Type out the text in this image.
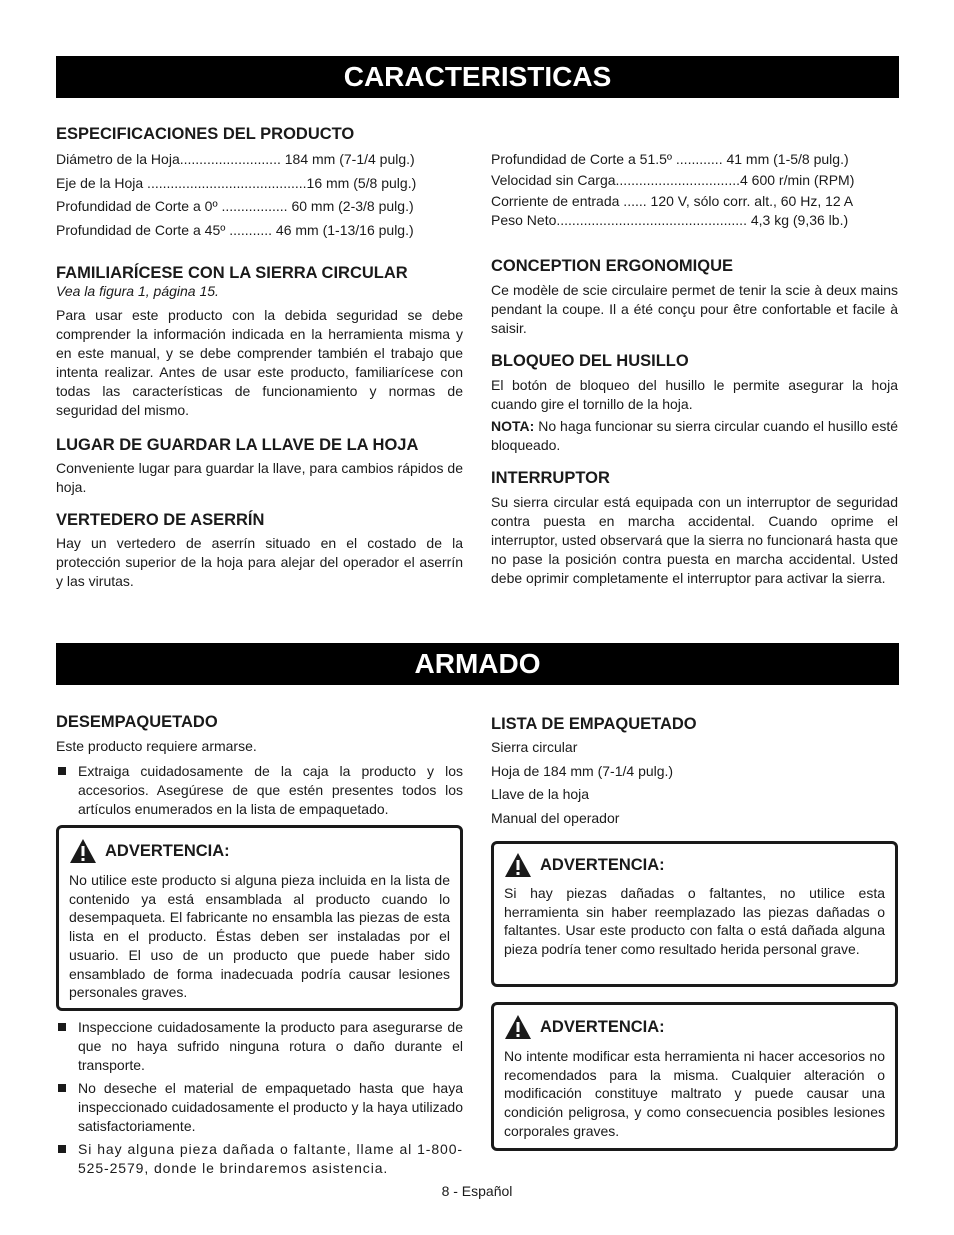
CARACTERISTICAS

ESPECIFICACIONES DEL PRODUCTO

Diámetro de la Hoja.......................... 184 mm (7-1/4 pulg.)

Eje de la Hoja .........................................16 mm (5/8 pulg.)

Profundidad de Corte a 0º ................. 60 mm (2-3/8 pulg.)

Profundidad de Corte a 45º ........... 46 mm (1-13/16 pulg.)

FAMILIARÍCESE CON LA SIERRA CIRCULAR

Vea la figura 1, página 15.

Para usar este producto con la debida seguridad se debe comprender la información indicada en la herramienta misma y en este manual, y se debe comprender también el trabajo que intenta realizar. Antes de usar este producto, familiarícese con todas las características de funcionamiento y normas de seguridad del mismo.

LUGAR DE GUARDAR LA LLAVE DE LA HOJA

Conveniente lugar para guardar la llave, para cambios rápidos de hoja.

VERTEDERO DE ASERRÍN

Hay un vertedero de aserrín situado en el costado de la protección superior de la hoja para alejar del operador el aserrín y las virutas.

Profundidad de Corte a 51.5º ............ 41 mm (1-5/8 pulg.)

Velocidad sin Carga................................4 600 r/min (RPM)

Corriente de entrada ...... 120 V, sólo corr. alt., 60 Hz, 12 A

Peso Neto................................................. 4,3 kg (9,36 lb.)

CONCEPTION ERGONOMIQUE

Ce modèle de scie circulaire permet de tenir la scie à deux mains pendant la coupe. Il a été conçu pour être confortable et facile à saisir.

BLOQUEO DEL HUSILLO

El botón de bloqueo del husillo le permite asegurar la hoja cuando gire el tornillo de la hoja.

NOTA: No haga funcionar su sierra circular cuando el husillo esté bloqueado.

INTERRUPTOR

Su sierra circular está equipada con un interruptor de seguridad contra puesta en marcha accidental. Cuando oprime el interruptor, usted observará que la sierra no funcionará hasta que no pase la posición contra puesta en marcha accidental. Usted debe oprimir completamente el interruptor para activar la sierra.

ARMADO

DESEMPAQUETADO

Este producto requiere armarse.

Extraiga cuidadosamente de la caja la producto y los accesorios. Asegúrese de que estén presentes todos los artículos enumerados en la lista de empaquetado.

ADVERTENCIA:

No utilice este producto si alguna pieza incluida en la lista de contenido ya está ensamblada al producto cuando lo desempaqueta. El fabricante no ensambla las piezas de esta lista en el producto. Éstas deben ser instaladas por el usuario. El uso de un producto que puede haber sido ensamblado de forma inadecuada podría causar lesiones personales graves.

Inspeccione cuidadosamente la producto para asegurarse de que no haya sufrido ninguna rotura o daño durante el transporte.

No deseche el material de empaquetado hasta que haya inspeccionado cuidadosamente el producto y la haya utilizado satisfactoriamente.

Si hay alguna pieza dañada o faltante, llame al 1-800-525-2579, donde le brindaremos asistencia.

LISTA DE EMPAQUETADO

Sierra circular

Hoja de 184 mm (7-1/4 pulg.)

Llave de la hoja

Manual del operador

ADVERTENCIA:

Si hay piezas dañadas o faltantes, no utilice esta herramienta sin haber reemplazado las piezas dañadas o faltantes. Usar este producto con falta o está dañada alguna pieza podría tener como resultado herida personal grave.

ADVERTENCIA:

No intente modificar esta herramienta ni hacer accesorios no recomendados para la misma. Cualquier alteración o modificación constituye maltrato y puede causar una condición peligrosa, y como consecuencia posibles lesiones corporales graves.

8 - Español
